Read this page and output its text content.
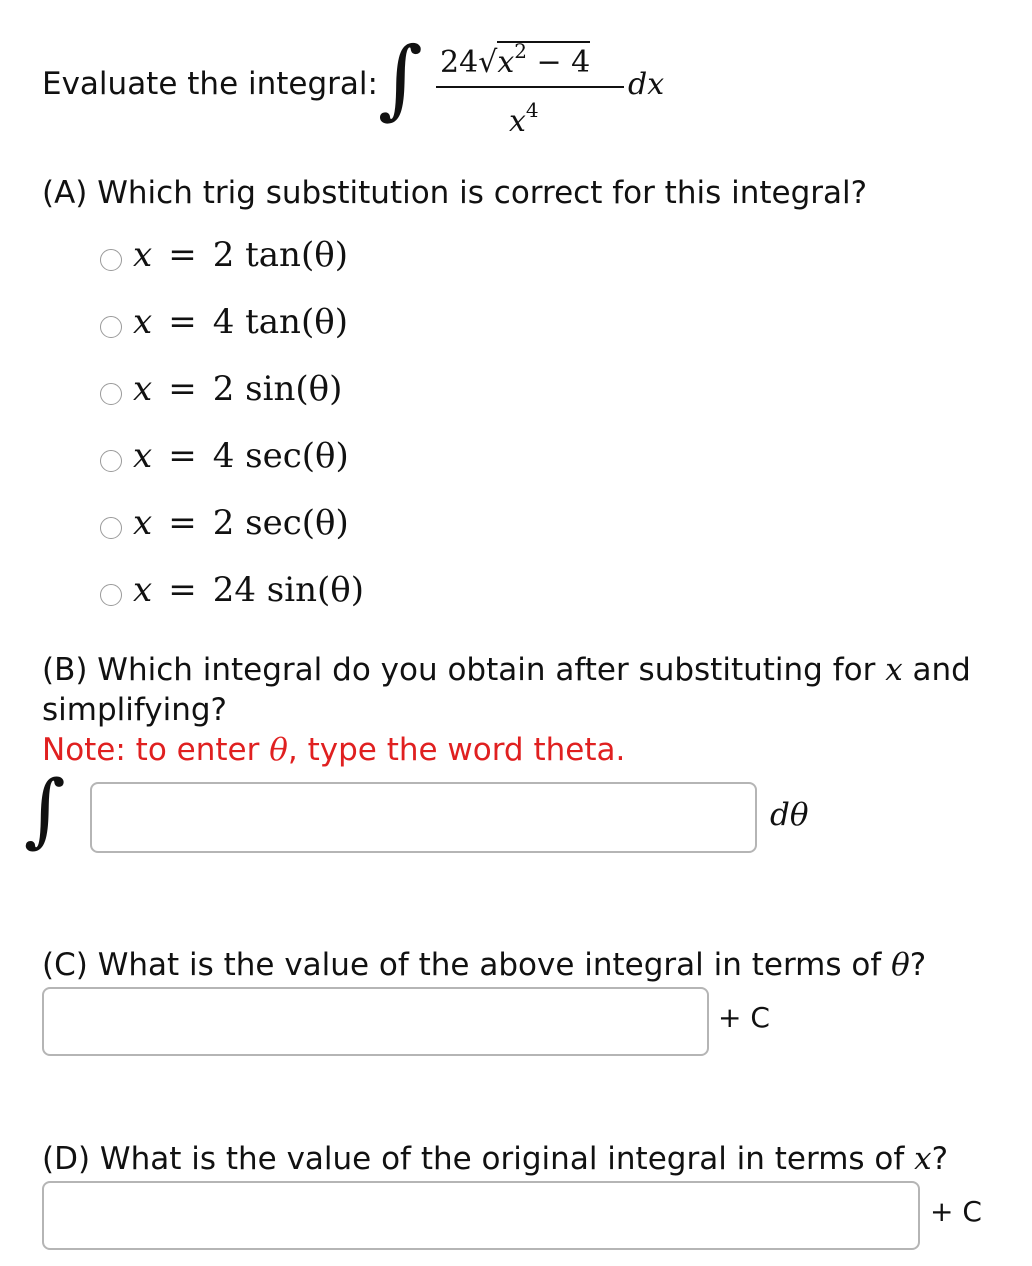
Evaluate the integral: ∫ $24√x^2 - 4$
$x^4$
dx
(A) Which trig substitution is correct for this integral?
x = 2 tan(θ)
x = 4 tan(θ)
x = 2 sin(θ)
x = 4 sec(θ)
x = 2 sec(θ)
x = 24 sin(θ)
(B) Which integral do you obtain after substituting for x and
simplifying?
Note: to enter θ, type the word theta.
∫	dθ
(C) What is the value of the above integral in terms of θ?
+ C
(D) What is the value of the original integral in terms of x?
+ C
